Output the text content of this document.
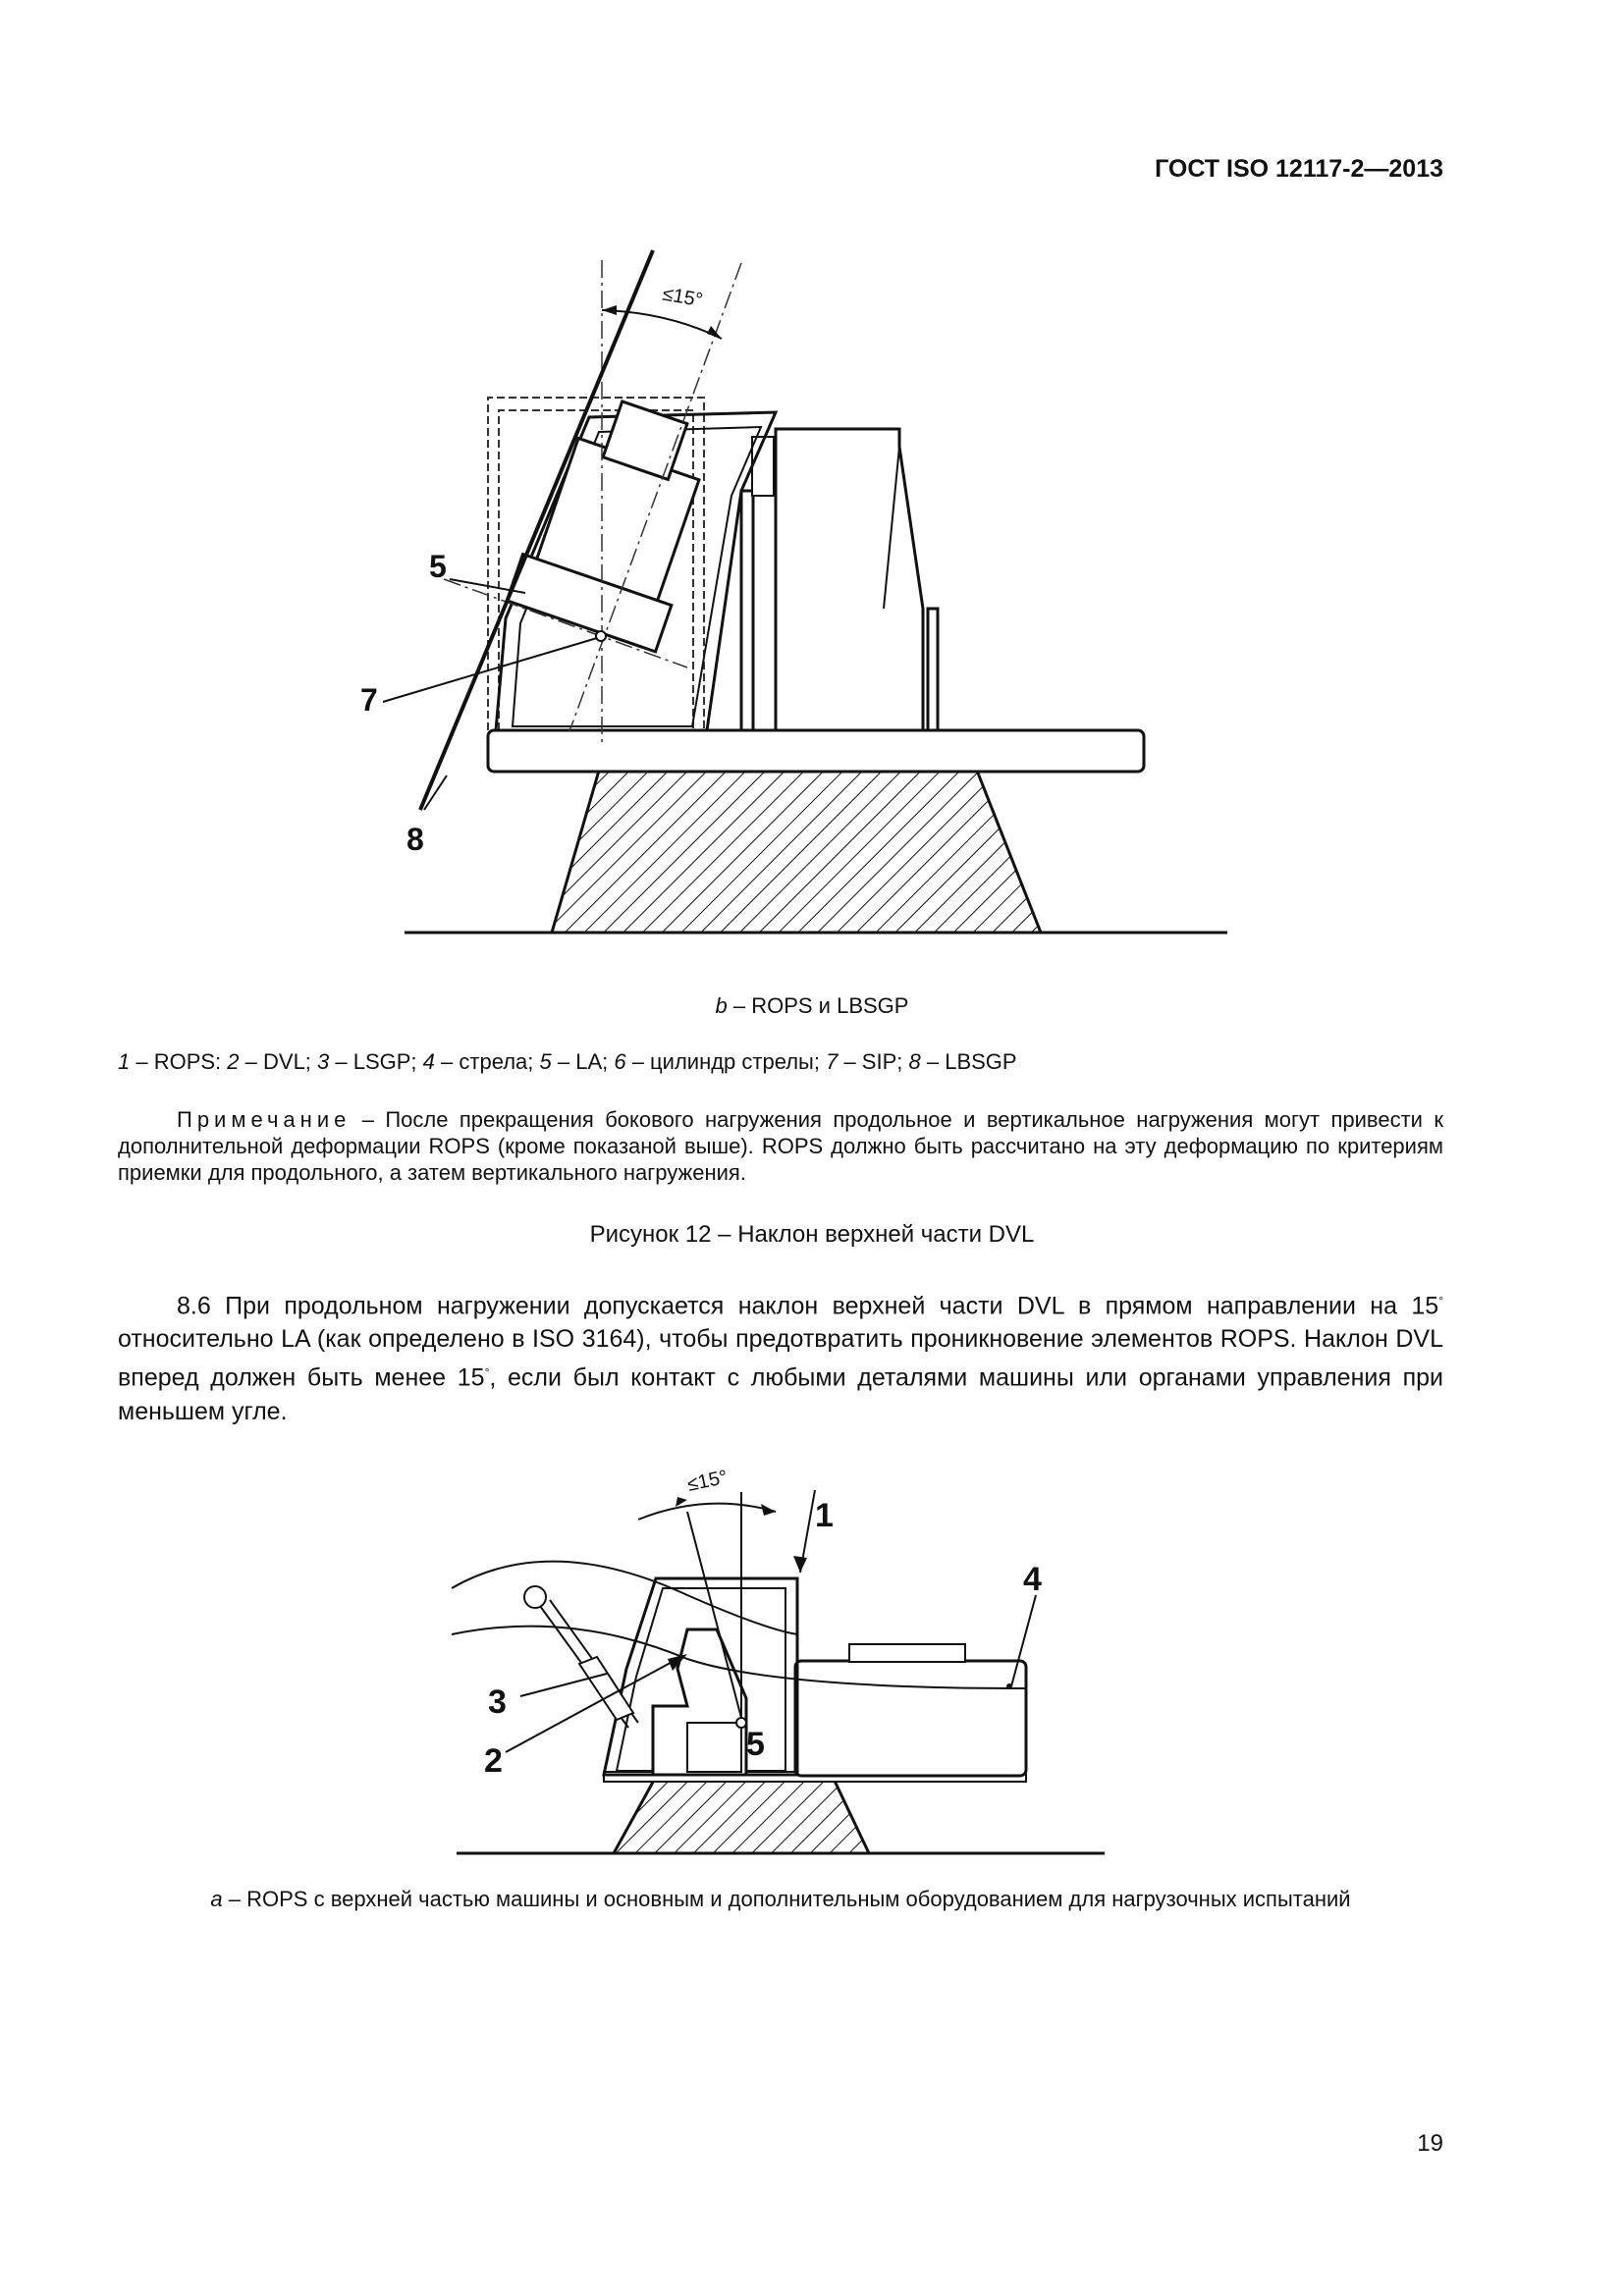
ГОСТ ISO 12117-2—2013
≤15°
5
7
8
b – ROPS и LBSGP
1 – ROPS: 2 – DVL; 3 – LSGP; 4 – стрела; 5 – LA; 6 – цилиндр стрелы; 7 – SIP; 8 – LBSGP
Примечание – После прекращения бокового нагружения продольное и вертикальное нагружения могут привести к дополнительной деформации ROPS (кроме показаной выше). ROPS должно быть рассчитано на эту деформацию по критериям приемки для продольного, а затем вертикального нагружения.
Рисунок 12 – Наклон верхней части DVL
8.6 При продольном нагружении допускается наклон верхней части DVL в прямом направлении на 15° относительно LA (как определено в ISO 3164), чтобы предотвратить проникновение элементов ROPS. Наклон DVL вперед должен быть менее 15°, если был контакт с любыми деталями машины или органами управления при меньшем угле.
≤15°
1
2
3
4
5
a – ROPS с верхней частью машины и основным и дополнительным оборудованием для нагрузочных испытаний
19
